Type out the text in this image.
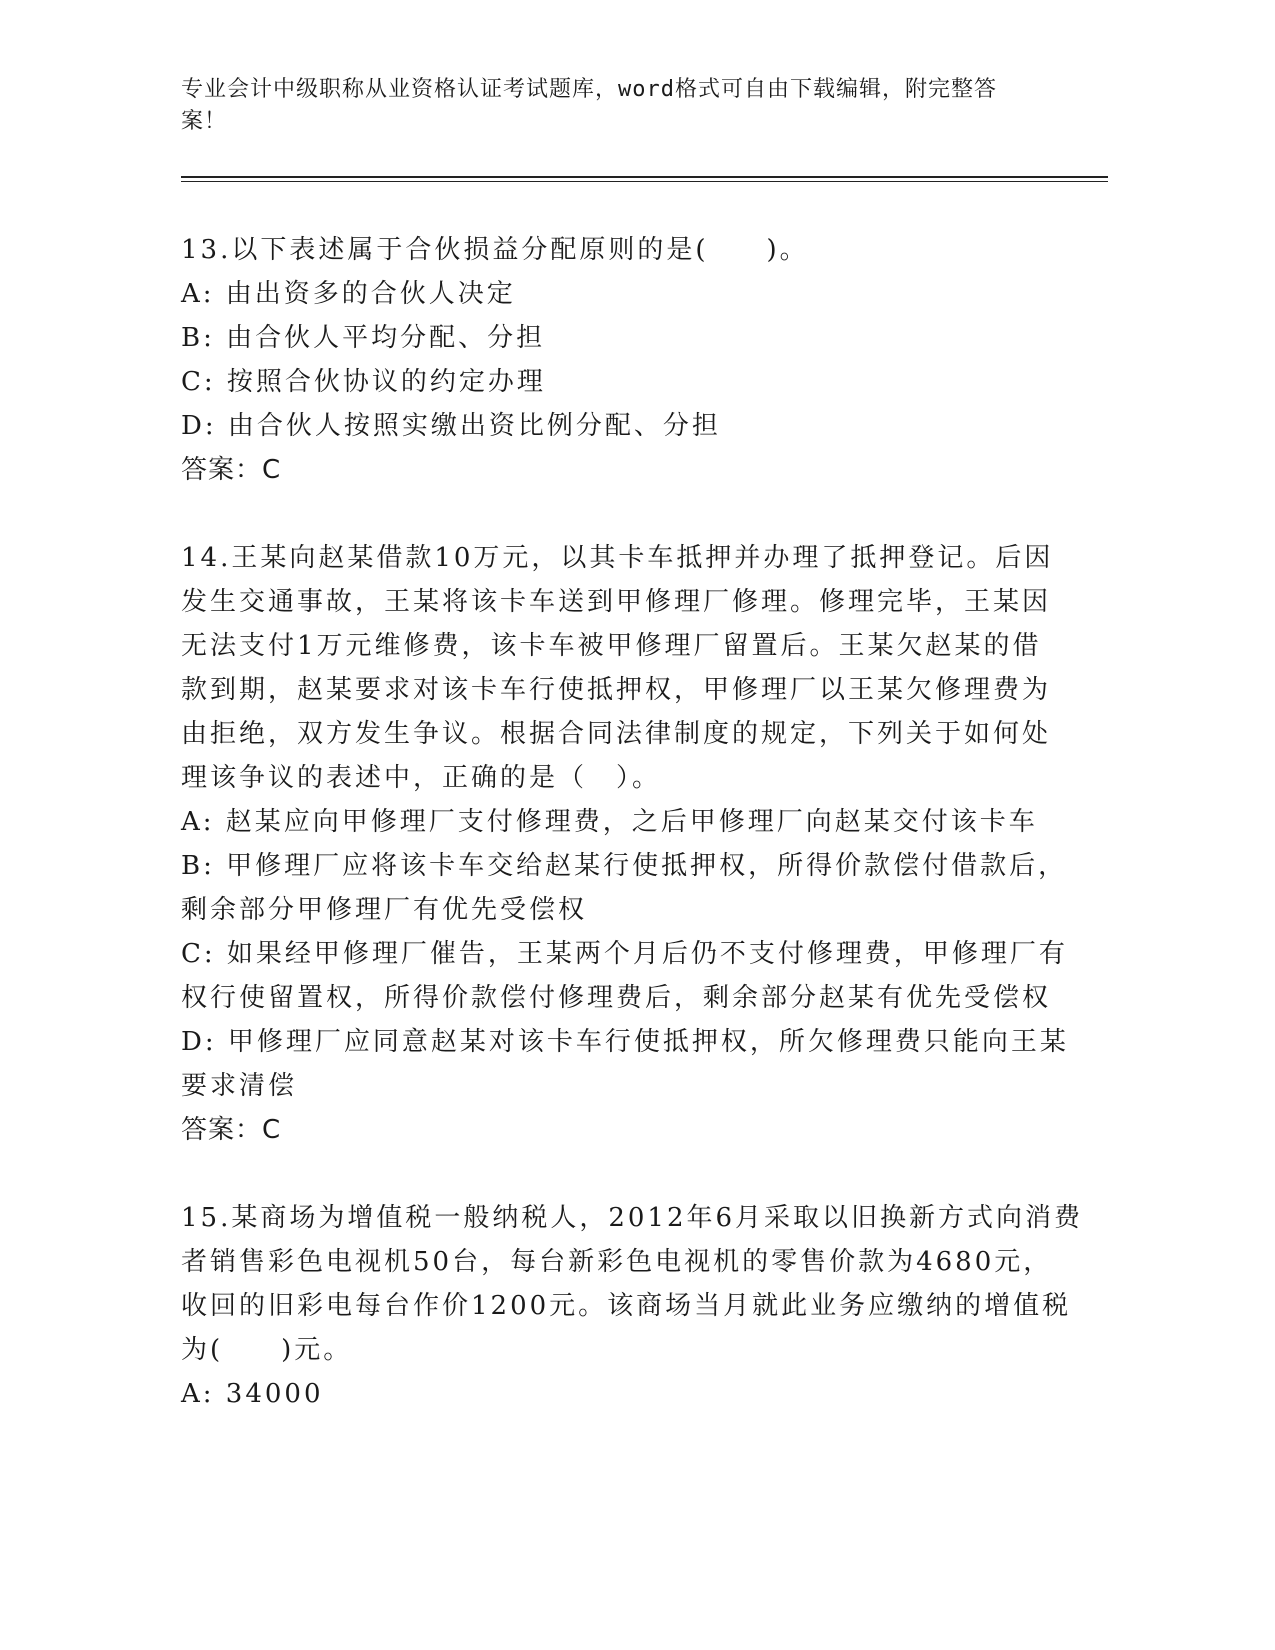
专业会计中级职称从业资格认证考试题库，word格式可自由下载编辑，附完整答
案！
13.以下表述属于合伙损益分配原则的是(　　)。
A: 由出资多的合伙人决定
B: 由合伙人平均分配、分担
C: 按照合伙协议的约定办理
D: 由合伙人按照实缴出资比例分配、分担
答案：C
14.王某向赵某借款10万元，以其卡车抵押并办理了抵押登记。后因
发生交通事故，王某将该卡车送到甲修理厂修理。修理完毕，王某因
无法支付1万元维修费，该卡车被甲修理厂留置后。王某欠赵某的借
款到期，赵某要求对该卡车行使抵押权，甲修理厂以王某欠修理费为
由拒绝，双方发生争议。根据合同法律制度的规定，下列关于如何处
理该争议的表述中，正确的是（　）。
A: 赵某应向甲修理厂支付修理费，之后甲修理厂向赵某交付该卡车
B: 甲修理厂应将该卡车交给赵某行使抵押权，所得价款偿付借款后，
剩余部分甲修理厂有优先受偿权
C: 如果经甲修理厂催告，王某两个月后仍不支付修理费，甲修理厂有
权行使留置权，所得价款偿付修理费后，剩余部分赵某有优先受偿权
D: 甲修理厂应同意赵某对该卡车行使抵押权，所欠修理费只能向王某
要求清偿
答案：C
15.某商场为增值税一般纳税人，2012年6月采取以旧换新方式向消费
者销售彩色电视机50台，每台新彩色电视机的零售价款为4680元，
收回的旧彩电每台作价1200元。该商场当月就此业务应缴纳的增值税
为(　　)元。
A: 34000
